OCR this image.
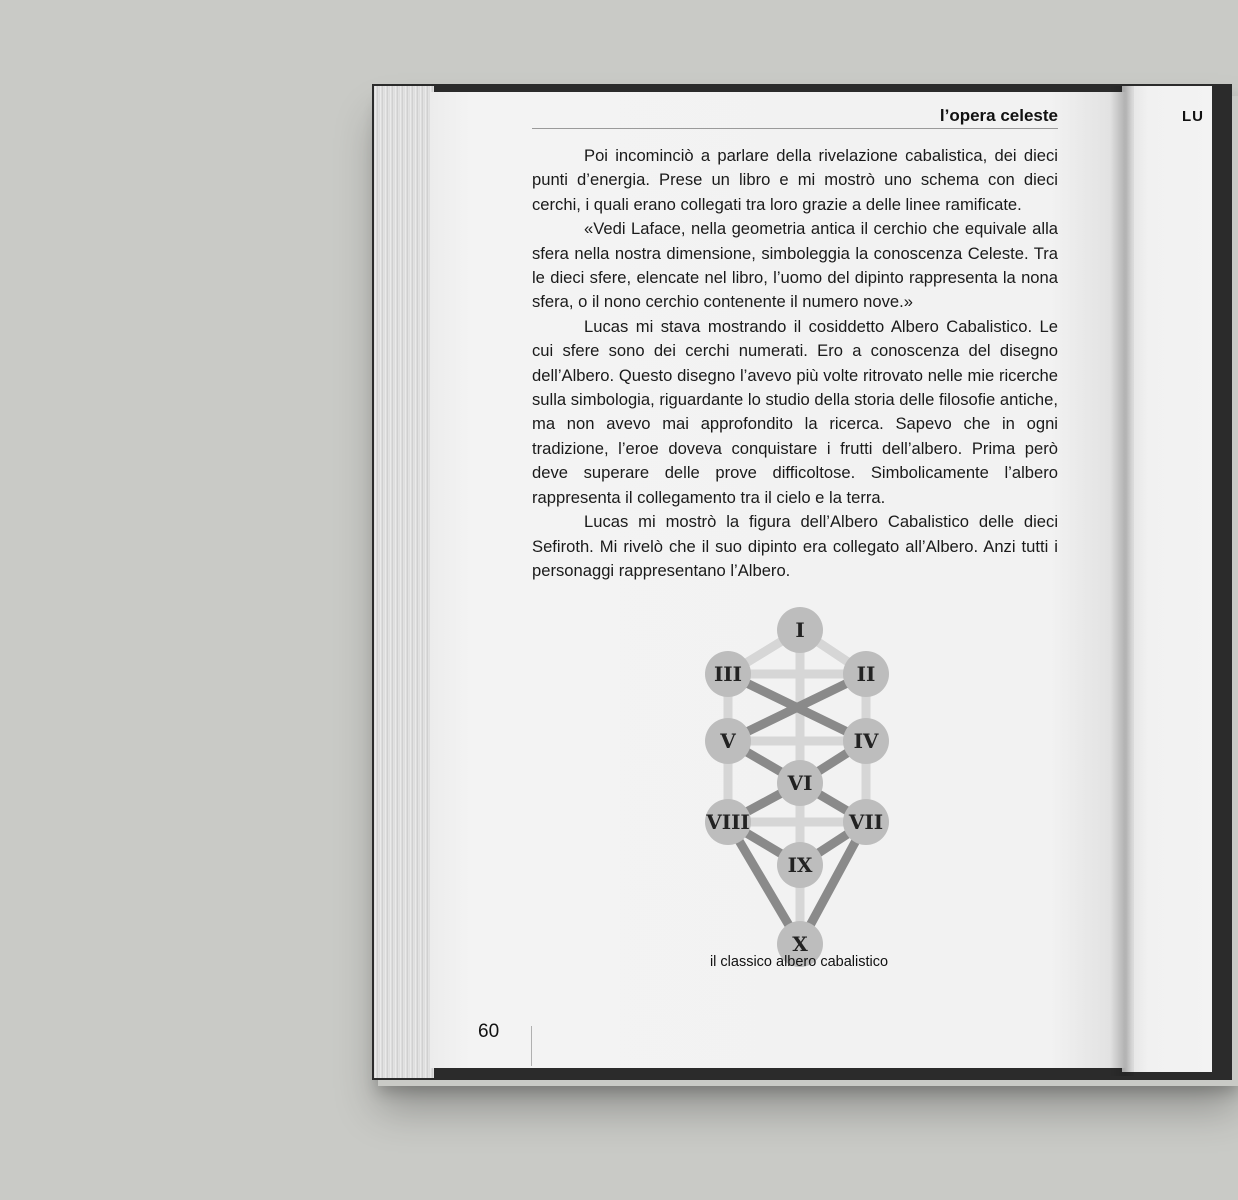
LU
l’opera celeste

Poi incominciò a parlare della rivelazione cabalistica, dei dieci punti d’energia. Prese un libro e mi mostrò uno schema con dieci cerchi, i quali erano collegati tra loro grazie a delle linee ramificate.

«Vedi Laface, nella geometria antica il cerchio che equivale alla sfera nella nostra dimensione, simboleggia la conoscenza Celeste. Tra le dieci sfere, elencate nel libro, l’uomo del dipinto rappresenta la nona sfera, o il nono cerchio contenente il numero nove.»

Lucas mi stava mostrando il cosiddetto Albero Cabalistico. Le cui sfere sono dei cerchi numerati. Ero a conoscenza del disegno dell’Albero. Questo disegno l’avevo più volte ritrovato nelle mie ricerche sulla simbologia, riguardante lo studio della storia delle filosofie antiche, ma non avevo mai approfondito la ricerca. Sapevo che in ogni tradizione, l’eroe doveva conquistare i frutti dell’albero. Prima però deve superare delle prove difficoltose. Simbolicamente l’albero rappresenta il collegamento tra il cielo e la terra.

Lucas mi mostrò la figura dell’Albero Cabalistico delle dieci Sefiroth. Mi rivelò che il suo dipinto era collegato all’Albero. Anzi tutti i personaggi rappresentano l’Albero.

I
II
III
IV
V
VI
VII
VIII
IX
X
il classico albero cabalistico
60
